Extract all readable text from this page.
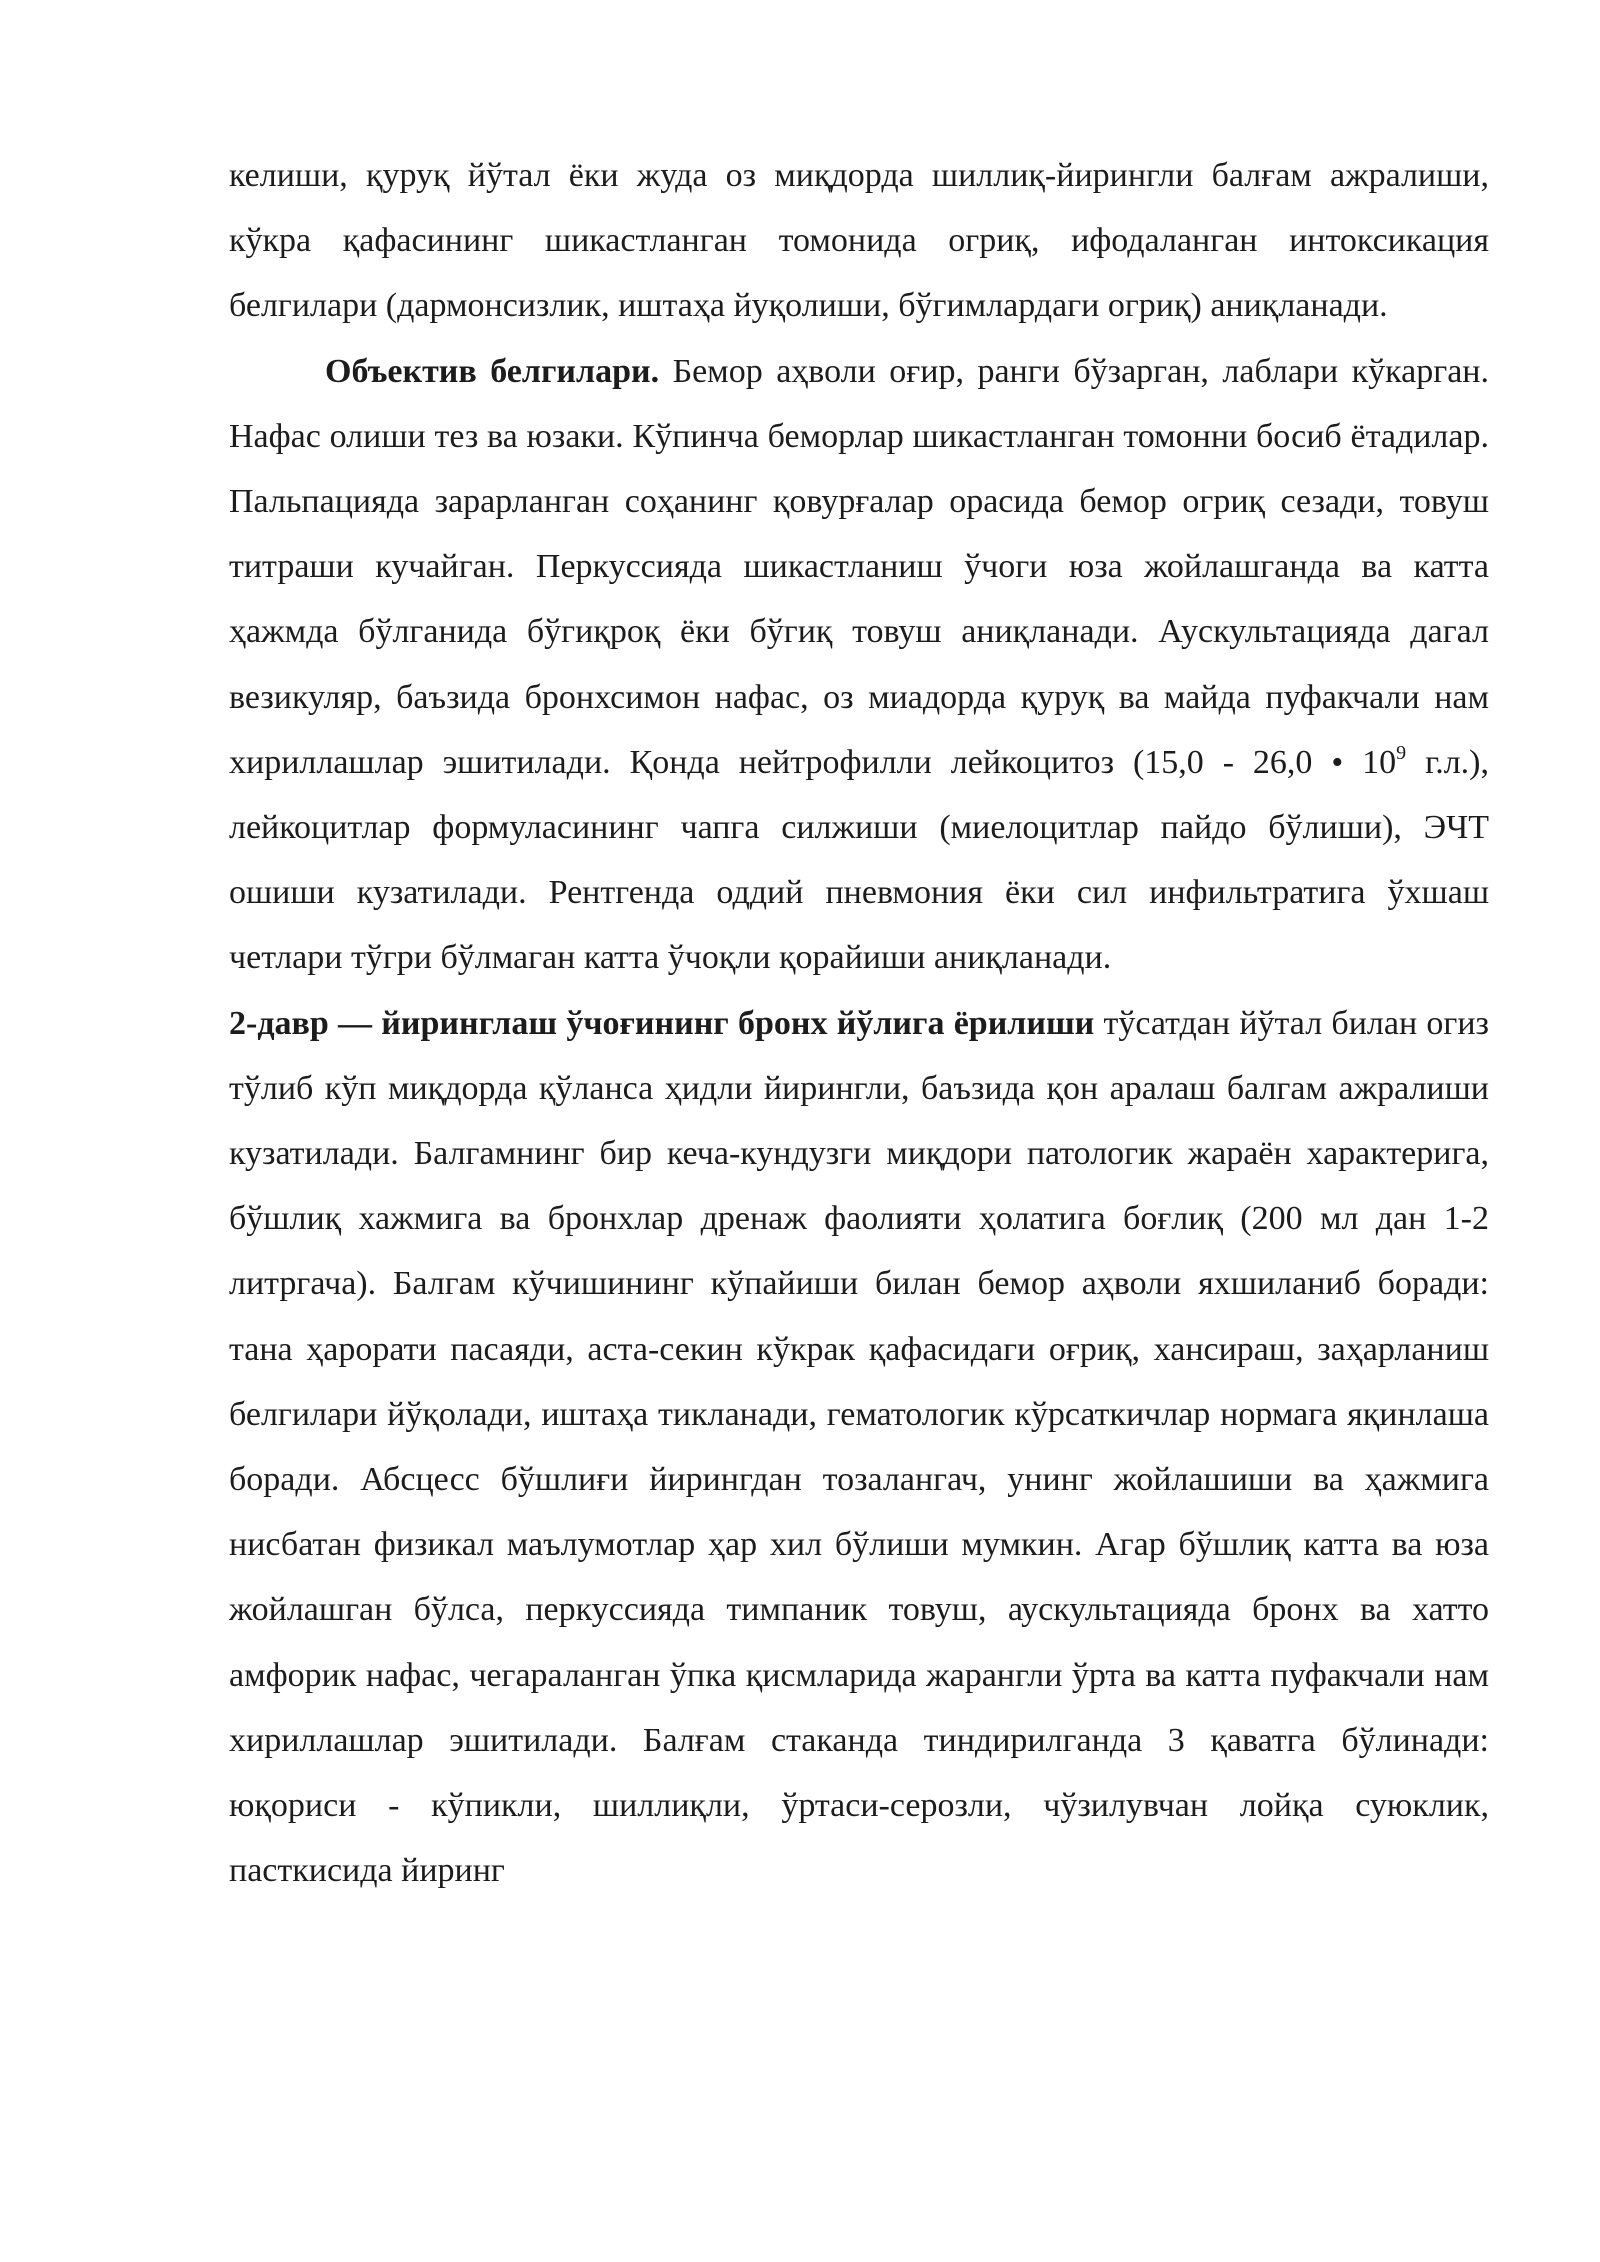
келиши, қуруқ йўтал ёки жуда оз миқдорда шиллиқ-йирингли балғам ажралиши, кўкра қафасининг шикастланган томонида огриқ, ифодаланган интоксикация белгилари (дармонсизлик, иштаҳа йуқолиши, бўгимлардаги огриқ) аниқланади.

Объектив белгилари. Бемор аҳволи оғир, ранги бўзарган, лаблари кўкарган. Нафас олиши тез ва юзаки. Кўпинча беморлар шикастланган томонни босиб ётадилар. Пальпацияда зарарланган соҳанинг қовурғалар орасида бемор огриқ сезади, товуш титраши кучайган. Перкуссияда шикастланиш ўчоги юза жойлашганда ва катта ҳажмда бўлганида бўгиқроқ ёки бўгиқ товуш аниқланади. Аускультацияда дагал везикуляр, баъзида бронхсимон нафас, оз миадорда қуруқ ва майда пуфакчали нам хириллашлар эшитилади. Қонда нейтрофилли лейкоцитоз (15,0 - 26,0 • $10^9$ г.л.), лейкоцитлар формуласининг чапга силжиши (миелоцитлар пайдо бўлиши), ЭЧТ ошиши кузатилади. Рентгенда оддий пневмония ёки сил инфильтратига ўхшаш четлари тўгри бўлмаган катта ўчоқли қорайиши аниқланади.

2-давр — йиринглаш ўчоғининг бронх йўлига ёрилиши тўсатдан йўтал билан огиз тўлиб кўп миқдорда қўланса ҳидли йирингли, баъзида қон аралаш балгам ажралиши кузатилади. Балгамнинг бир кеча-кундузги миқдори патологик жараён характерига, бўшлиқ хажмига ва бронхлар дренаж фаолияти ҳолатига боғлиқ (200 мл дан 1-2 литргача). Балгам кўчишининг кўпайиши билан бемор аҳволи яхшиланиб боради: тана ҳарорати пасаяди, аста-секин кўкрак қафасидаги оғриқ, хансираш, заҳарланиш белгилари йўқолади, иштаҳа тикланади, гематологик кўрсаткичлар нормага яқинлаша боради. Абсцесс бўшлиғи йирингдан тозалангач, унинг жойлашиши ва ҳажмига нисбатан физикал маълумотлар ҳар хил бўлиши мумкин. Агар бўшлиқ катта ва юза жойлашган бўлса, перкуссияда тимпаник товуш, аускультацияда бронх ва хатто амфорик нафас, чегараланган ўпка қисмларида жарангли ўрта ва катта пуфакчали нам хириллашлар эшитилади. Балғам стаканда тиндирилганда 3 қаватга бўлинади: юқориси - кўпикли, шиллиқли, ўртаси-серозли, чўзилувчан лойқа суюклик, пасткисида йиринг
